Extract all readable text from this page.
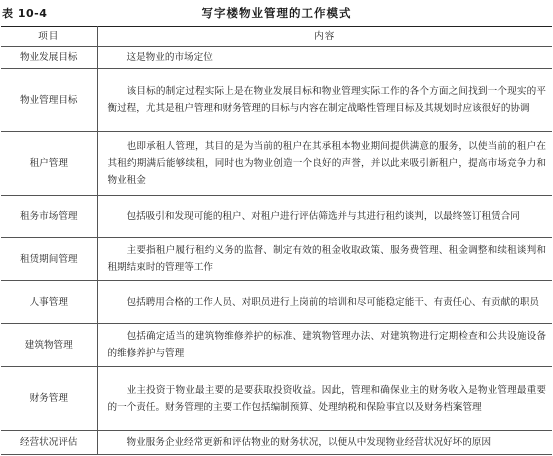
表 10-4	写字楼物业管理的工作模式
项目	内容
物业发展目标	这是物业的市场定位
物业管理目标	该目标的制定过程实际上是在物业发展目标和物业管理实际工作的各个方面之间找到一个现实的平衡过程，尤其是租户管理和财务管理的目标与内容在制定战略性管理目标及其规划时应该很好的协调
租户管理	也即承租人管理，其目的是为当前的租户在其承租本物业期间提供满意的服务，以使当前的租户在其租约期满后能够续租，同时也为物业创造一个良好的声誉，并以此来吸引新租户，提高市场竞争力和物业租金
租务市场管理	包括吸引和发现可能的租户、对租户进行评估筛选并与其进行租约谈判，以最终签订租赁合同
租赁期间管理	主要指租户履行租约义务的监督、制定有效的租金收取政策、服务费管理、租金调整和续租谈判和租期结束时的管理等工作
人事管理	包括聘用合格的工作人员、对职员进行上岗前的培训和尽可能稳定能干、有责任心、有贡献的职员
建筑物管理	包括确定适当的建筑物维修养护的标准、建筑物管理办法、对建筑物进行定期检查和公共设施设备的维修养护与管理
财务管理	业主投资于物业最主要的是要获取投资收益。因此，管理和确保业主的财务收入是物业管理最重要的一个责任。财务管理的主要工作包括编制预算、处理纳税和保险事宜以及财务档案管理
经营状况评估	物业服务企业经常更新和评估物业的财务状况，以便从中发现物业经营状况好坏的原因
